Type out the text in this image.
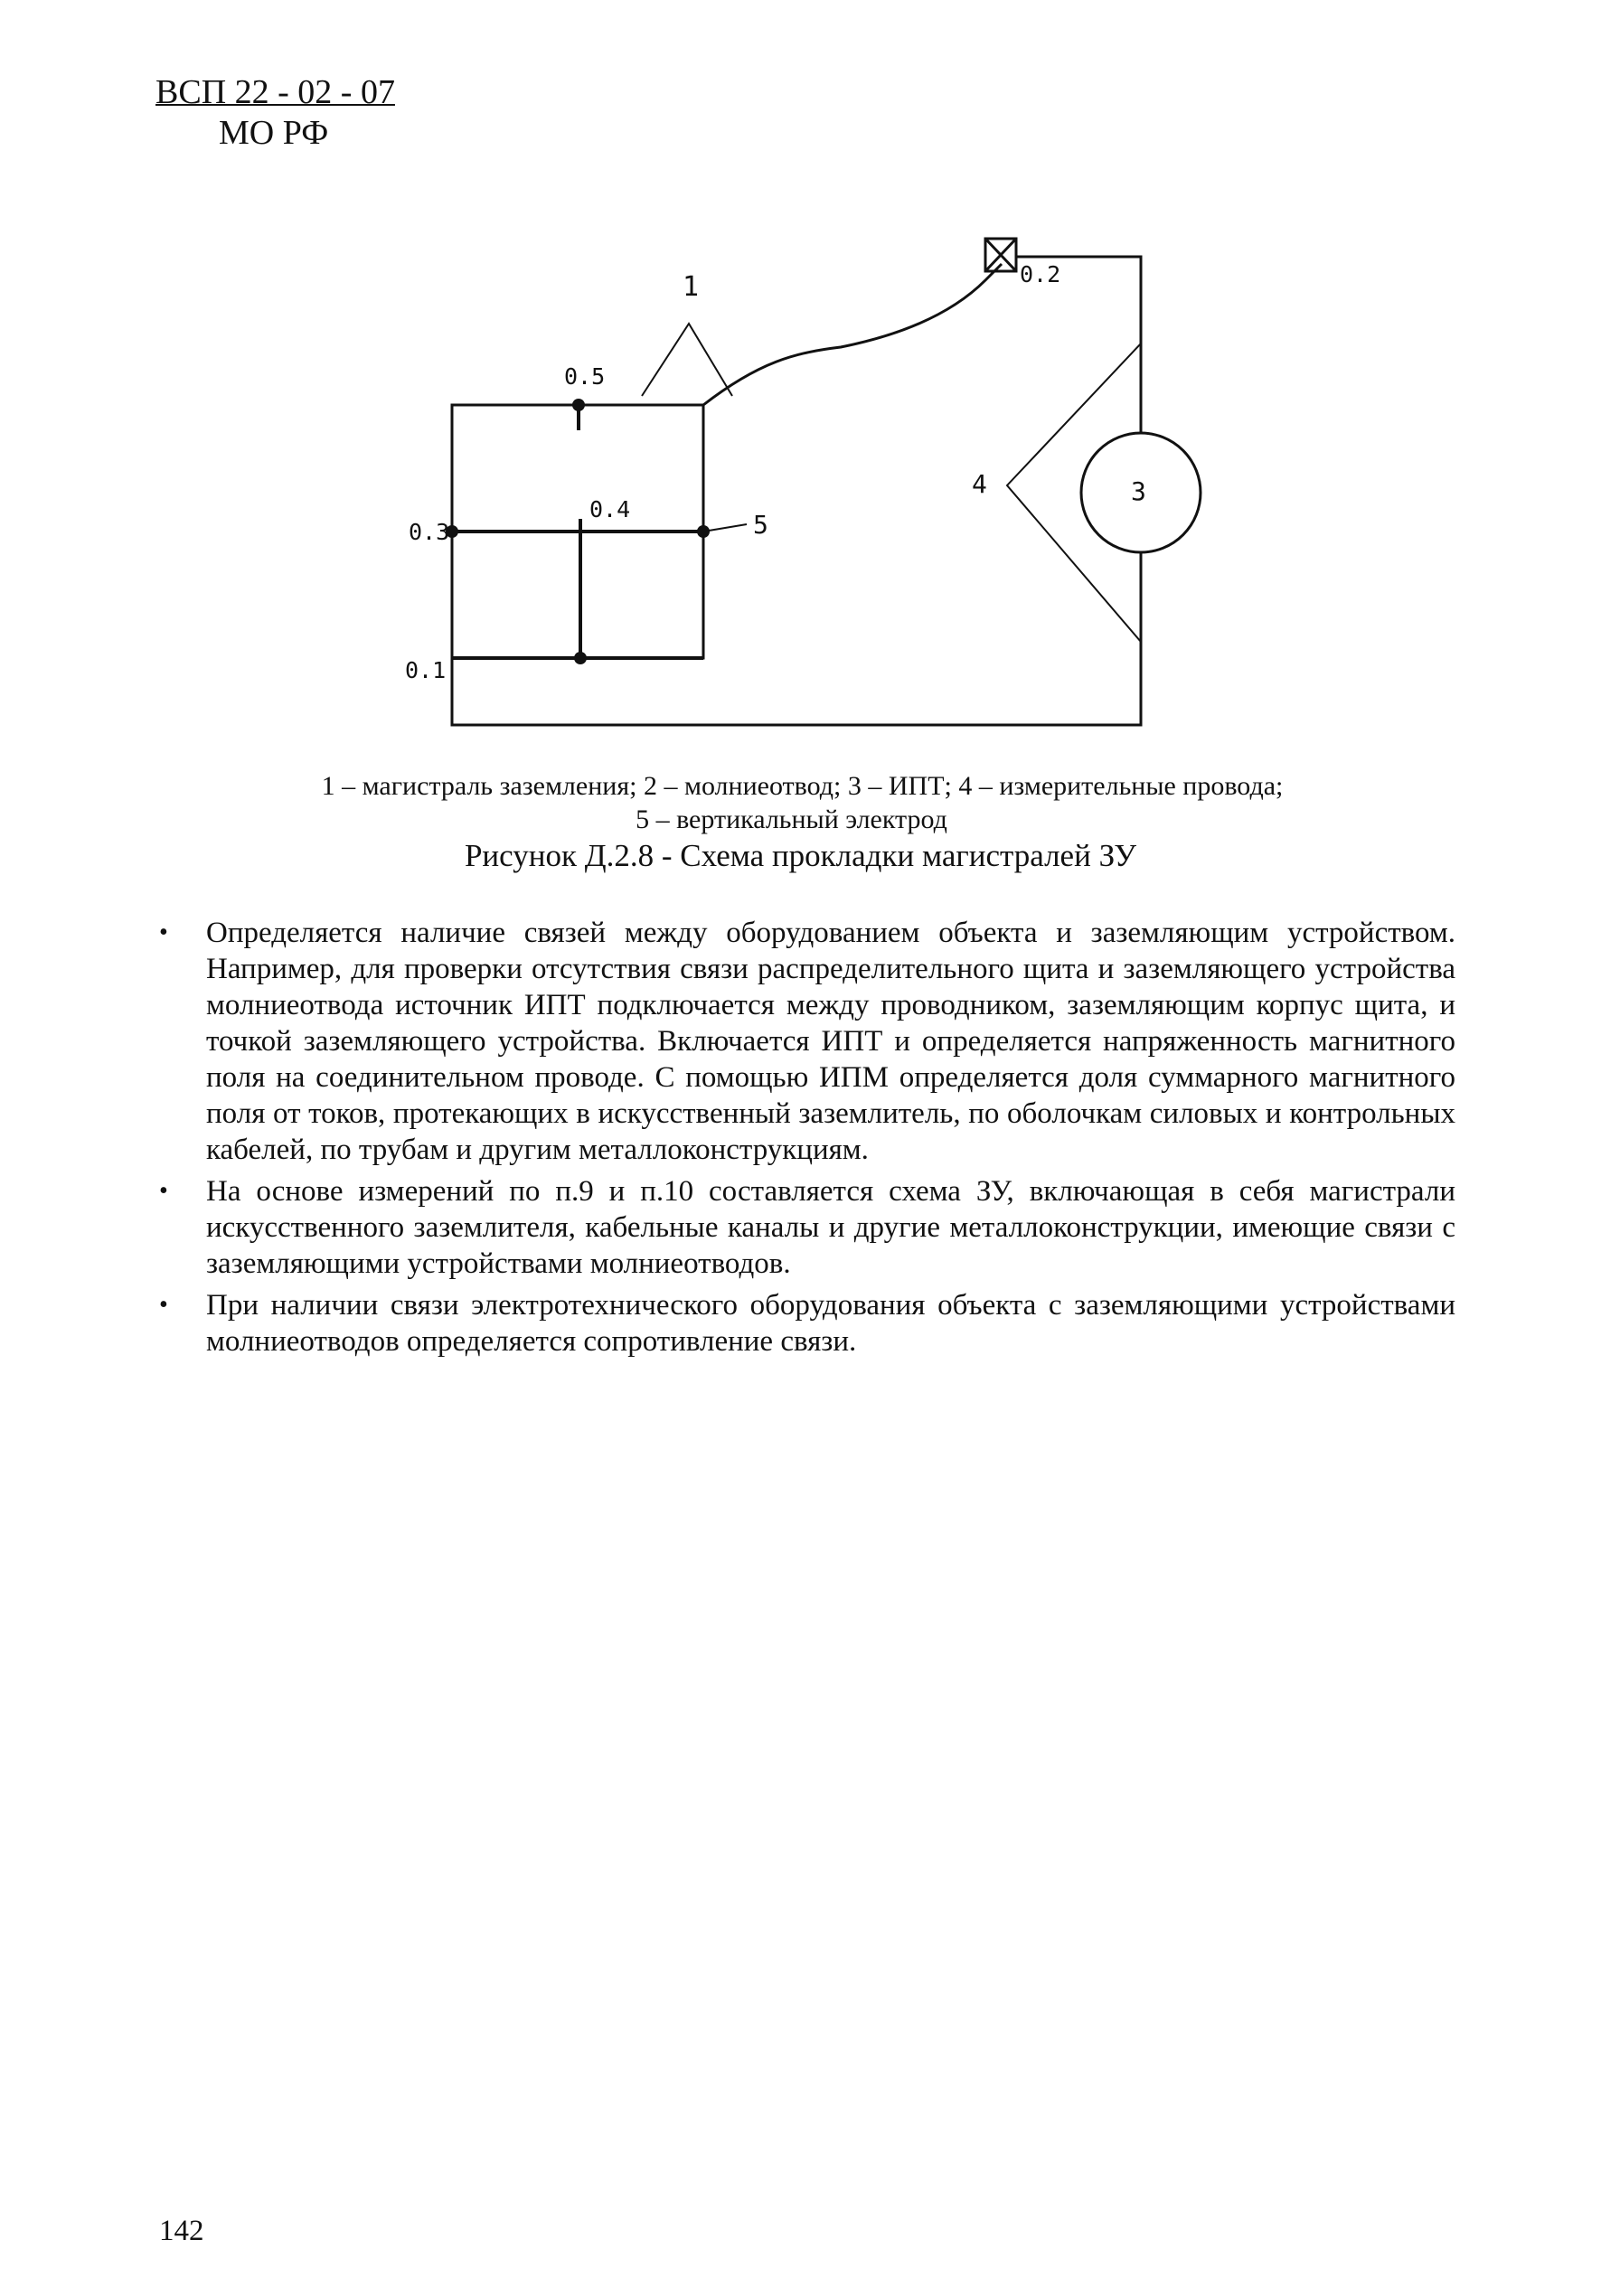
ВСП 22 - 02 - 07
МО РФ
1
0.5
0.2
0.4
0.3
0.1
5
4	3
1 – магистраль заземления; 2 – молниеотвод; 3 – ИПТ; 4 – измерительные провода;
5 – вертикальный электрод
Рисунок Д.2.8 - Схема прокладки магистралей ЗУ
• Определяется наличие связей между оборудованием объекта и заземляющим устройством. Например, для проверки отсутствия связи распределительного щита и заземляющего устройства молниеотвода источник ИПТ подключается между проводником, заземляющим корпус щита, и точкой заземляющего устройства. Включается ИПТ и определяется напряженность магнитного поля на соединительном проводе. С помощью ИПМ определяется доля суммарного магнитного поля от токов, протекающих в искусственный заземлитель, по оболочкам силовых и контрольных кабелей, по трубам и другим металлоконструкциям.
• На основе измерений по п.9 и п.10 составляется схема ЗУ, включающая в себя магистрали искусственного заземлителя, кабельные каналы и другие металлоконструкции, имеющие связи с заземляющими устройствами молниеотводов.
• При наличии связи электротехнического оборудования объекта с заземляющими устройствами молниеотводов определяется сопротивление связи.
142
